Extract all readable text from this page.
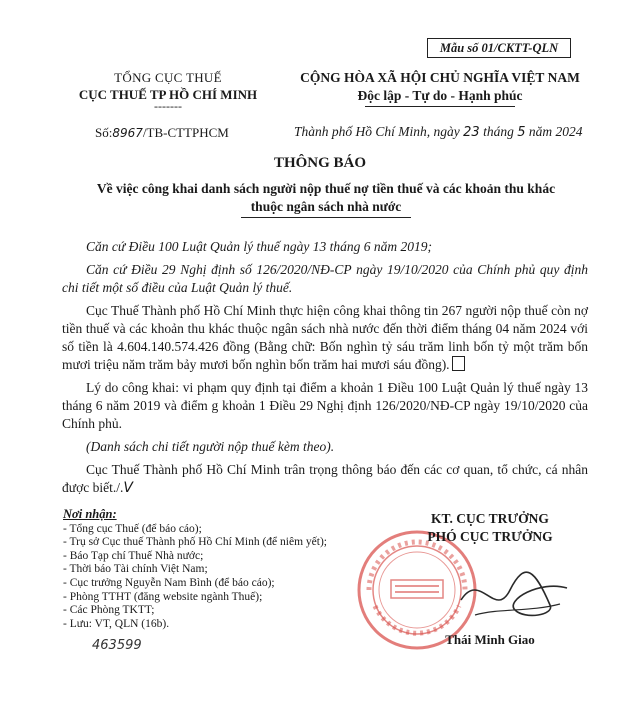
Mẫu số 01/CKTT-QLN
TỔNG CỤC THUẾ
CỤC THUẾ TP HỒ CHÍ MINH
-------
CỘNG HÒA XÃ HỘI CHỦ NGHĨA VIỆT NAM
Độc lập - Tự do - Hạnh phúc
Số:8967/TB-CTTPHCM	Thành phố Hồ Chí Minh, ngày 23 tháng 5 năm 2024
THÔNG BÁO
Về việc công khai danh sách người nộp thuế nợ tiền thuế và các khoản thu khác
thuộc ngân sách nhà nước

Căn cứ Điều 100 Luật Quản lý thuế ngày 13 tháng 6 năm 2019;

Căn cứ Điều 29 Nghị định số 126/2020/NĐ-CP ngày 19/10/2020 của Chính phủ quy định chi tiết một số điều của Luật Quản lý thuế.

Cục Thuế Thành phố Hồ Chí Minh thực hiện công khai thông tin 267 người nộp thuế còn nợ tiền thuế và các khoản thu khác thuộc ngân sách nhà nước đến thời điểm tháng 04 năm 2024 với số tiền là 4.604.140.574.426 đồng (Bằng chữ: Bốn nghìn tỷ sáu trăm linh bốn tỷ một trăm bốn mươi triệu năm trăm bảy mươi bốn nghìn bốn trăm hai mươi sáu đồng).

Lý do công khai: vi phạm quy định tại điểm a khoản 1 Điều 100 Luật Quản lý thuế ngày 13 tháng 6 năm 2019 và điểm g khoản 1 Điều 29 Nghị định 126/2020/NĐ-CP ngày 19/10/2020 của Chính phủ.

(Danh sách chi tiết người nộp thuế kèm theo).

Cục Thuế Thành phố Hồ Chí Minh trân trọng thông báo đến các cơ quan, tổ chức, cá nhân được biết./.V

Nơi nhận:
- Tổng cục Thuế (để báo cáo);
- Trụ sở Cục thuế Thành phố Hồ Chí Minh (để niêm yết);
- Báo Tạp chí Thuế Nhà nước;
- Thời báo Tài chính Việt Nam;
- Cục trưởng Nguyễn Nam Bình (để báo cáo);
- Phòng TTHT (đăng website ngành Thuế);
- Các Phòng TKTT;
- Lưu: VT, QLN (16b).
463599
KT. CỤC TRƯỞNG
PHÓ CỤC TRƯỞNG
Thái Minh Giao
